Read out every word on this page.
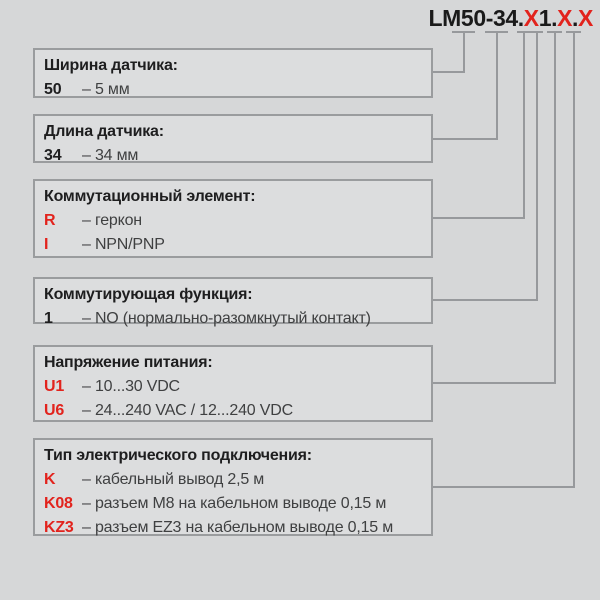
LM50-34.X1.X.X
Ширина датчика:
50	– 5 мм
Длина датчика:
34	– 34 мм
Коммутационный элемент:
R	– геркон
I	– NPN/PNP
Коммутирующая функция:
1	– NO (нормально-разомкнутый контакт)
Напряжение питания:
U1	– 10...30 VDC
U6	– 24...240 VAC / 12...240 VDC
Тип электрического подключения:
K	– кабельный вывод 2,5 м
K08 – разъем М8 на кабельном выводе 0,15 м
KZ3 – разъем EZ3 на кабельном выводе 0,15 м
